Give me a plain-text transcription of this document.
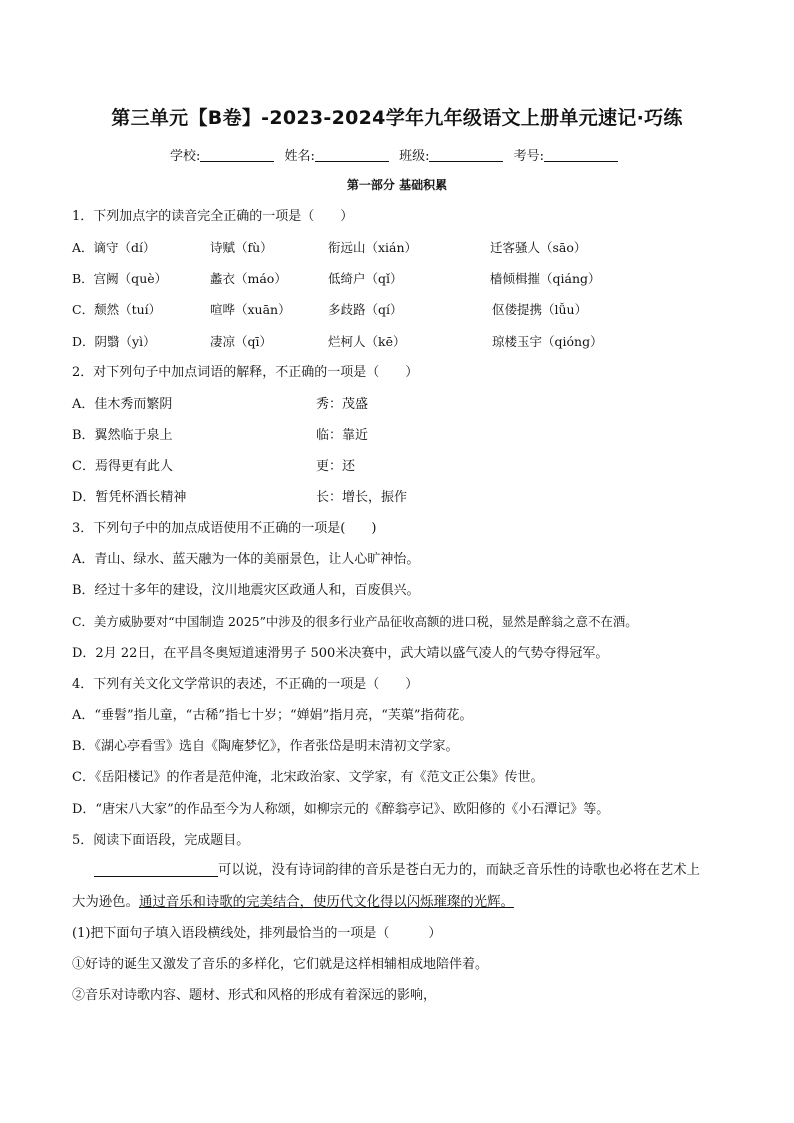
第三单元【B卷】-2023-2024学年九年级语文上册单元速记·巧练
学校:	姓名:	班级:	考号:
第一部分 基础积累
1．下列加点字的读音完全正确的一项是（　　）
A．谪守（dí）	诗赋（fù）	衔远山（xián）	迁客骚人（sāo）
B．宫阙（què）	蠡衣（máo）	低绮户（qǐ）	樯倾楫摧（qiáng）
C．颓然（tuí）	喧哗（xuān）	多歧路（qí）	伛偻提携（lǚu）
D．阴翳（yì）	凄凉（qī）	烂柯人（kē）	琼楼玉宇（qióng）
2．对下列句子中加点词语的解释，不正确的一项是（　　）
A．佳木秀而繁阴	秀：茂盛
B．翼然临于泉上	临：靠近
C．焉得更有此人	更：还
D．暂凭杯酒长精神	长：增长，振作
3．下列句子中的加点成语使用不正确的一项是(　　)
A．青山、绿水、蓝天融为一体的美丽景色，让人心旷神怡。
B．经过十多年的建设，汶川地震灾区政通人和，百废俱兴。
C．美方威胁要对“中国制造 2025”中涉及的很多行业产品征收高额的进口税，显然是醉翁之意不在酒。
D．2月 22日，在平昌冬奥短道速滑男子 500米决赛中，武大靖以盛气凌人的气势夺得冠军。
4．下列有关文化文学常识的表述，不正确的一项是（　　）
A．“垂髫”指儿童，“古稀”指七十岁；“婵娟”指月亮，“芙蕖”指荷花。
B．《湖心亭看雪》选自《陶庵梦忆》，作者张岱是明末清初文学家。
C．《岳阳楼记》的作者是范仲淹，北宋政治家、文学家，有《范文正公集》传世。
D．“唐宋八大家”的作品至今为人称颂，如柳宗元的《醉翁亭记》、欧阳修的《小石潭记》等。
5．阅读下面语段，完成题目。
可以说，没有诗词韵律的音乐是苍白无力的，而缺乏音乐性的诗歌也必将在艺术上
大为逊色。通过音乐和诗歌的完美结合，使历代文化得以闪烁璀璨的光辉。
(1)把下面句子填入语段横线处，排列最恰当的一项是（　　　）
①好诗的诞生又激发了音乐的多样化，它们就是这样相辅相成地陪伴着。
②音乐对诗歌内容、题材、形式和风格的形成有着深远的影响，
